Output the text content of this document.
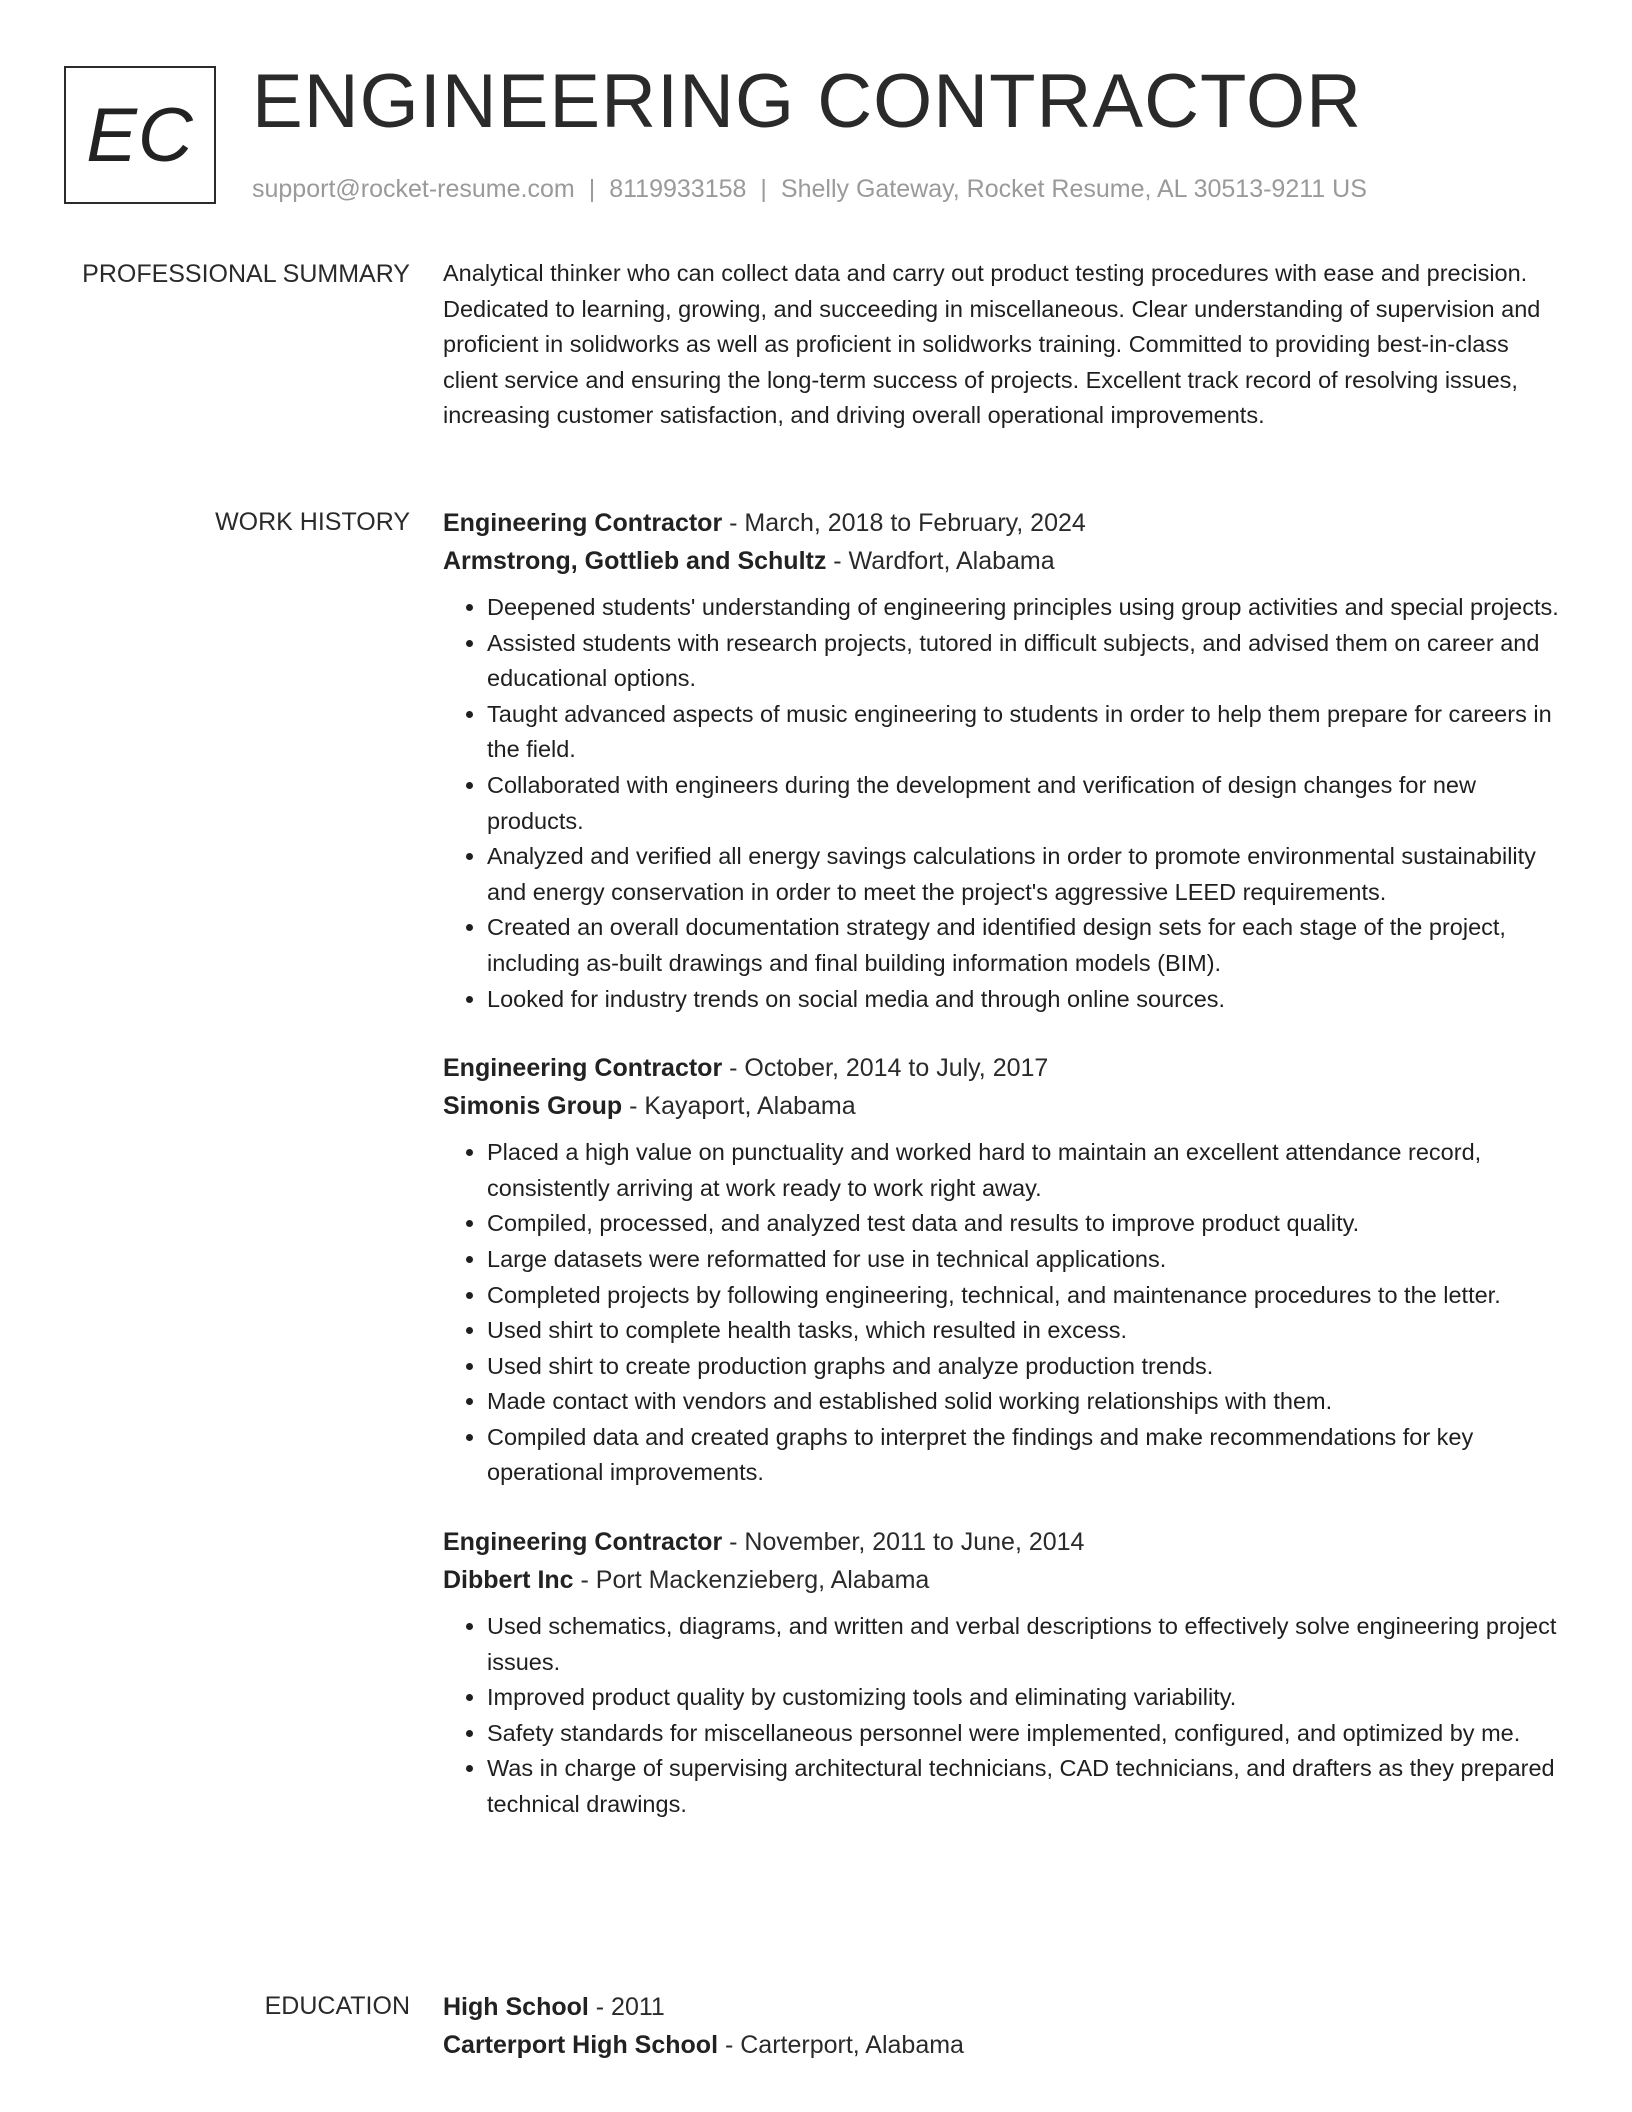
EC ENGINEERING CONTRACTOR
support@rocket-resume.com | 8119933158 | Shelly Gateway, Rocket Resume, AL 30513-9211 US
PROFESSIONAL SUMMARY Analytical thinker who can collect data and carry out product testing procedures with ease and precision. Dedicated to learning, growing, and succeeding in miscellaneous. Clear understanding of supervision and proficient in solidworks as well as proficient in solidworks training. Committed to providing best-in-class client service and ensuring the long-term success of projects. Excellent track record of resolving issues, increasing customer satisfaction, and driving overall operational improvements.

WORK HISTORY Engineering Contractor - March, 2018 to February, 2024
Armstrong, Gottlieb and Schultz - Wardfort, Alabama
• Deepened students' understanding of engineering principles using group activities and special projects.
• Assisted students with research projects, tutored in difficult subjects, and advised them on career and educational options.
• Taught advanced aspects of music engineering to students in order to help them prepare for careers in the field.
• Collaborated with engineers during the development and verification of design changes for new products.
• Analyzed and verified all energy savings calculations in order to promote environmental sustainability and energy conservation in order to meet the project's aggressive LEED requirements.
• Created an overall documentation strategy and identified design sets for each stage of the project, including as-built drawings and final building information models (BIM).
• Looked for industry trends on social media and through online sources.
Engineering Contractor - October, 2014 to July, 2017
Simonis Group - Kayaport, Alabama
• Placed a high value on punctuality and worked hard to maintain an excellent attendance record, consistently arriving at work ready to work right away.
• Compiled, processed, and analyzed test data and results to improve product quality.
• Large datasets were reformatted for use in technical applications.
• Completed projects by following engineering, technical, and maintenance procedures to the letter.
• Used shirt to complete health tasks, which resulted in excess.
• Used shirt to create production graphs and analyze production trends.
• Made contact with vendors and established solid working relationships with them.
• Compiled data and created graphs to interpret the findings and make recommendations for key operational improvements.
Engineering Contractor - November, 2011 to June, 2014
Dibbert Inc - Port Mackenzieberg, Alabama
• Used schematics, diagrams, and written and verbal descriptions to effectively solve engineering project issues.
• Improved product quality by customizing tools and eliminating variability.
• Safety standards for miscellaneous personnel were implemented, configured, and optimized by me.
• Was in charge of supervising architectural technicians, CAD technicians, and drafters as they prepared technical drawings.
EDUCATION High School - 2011
Carterport High School - Carterport, Alabama
